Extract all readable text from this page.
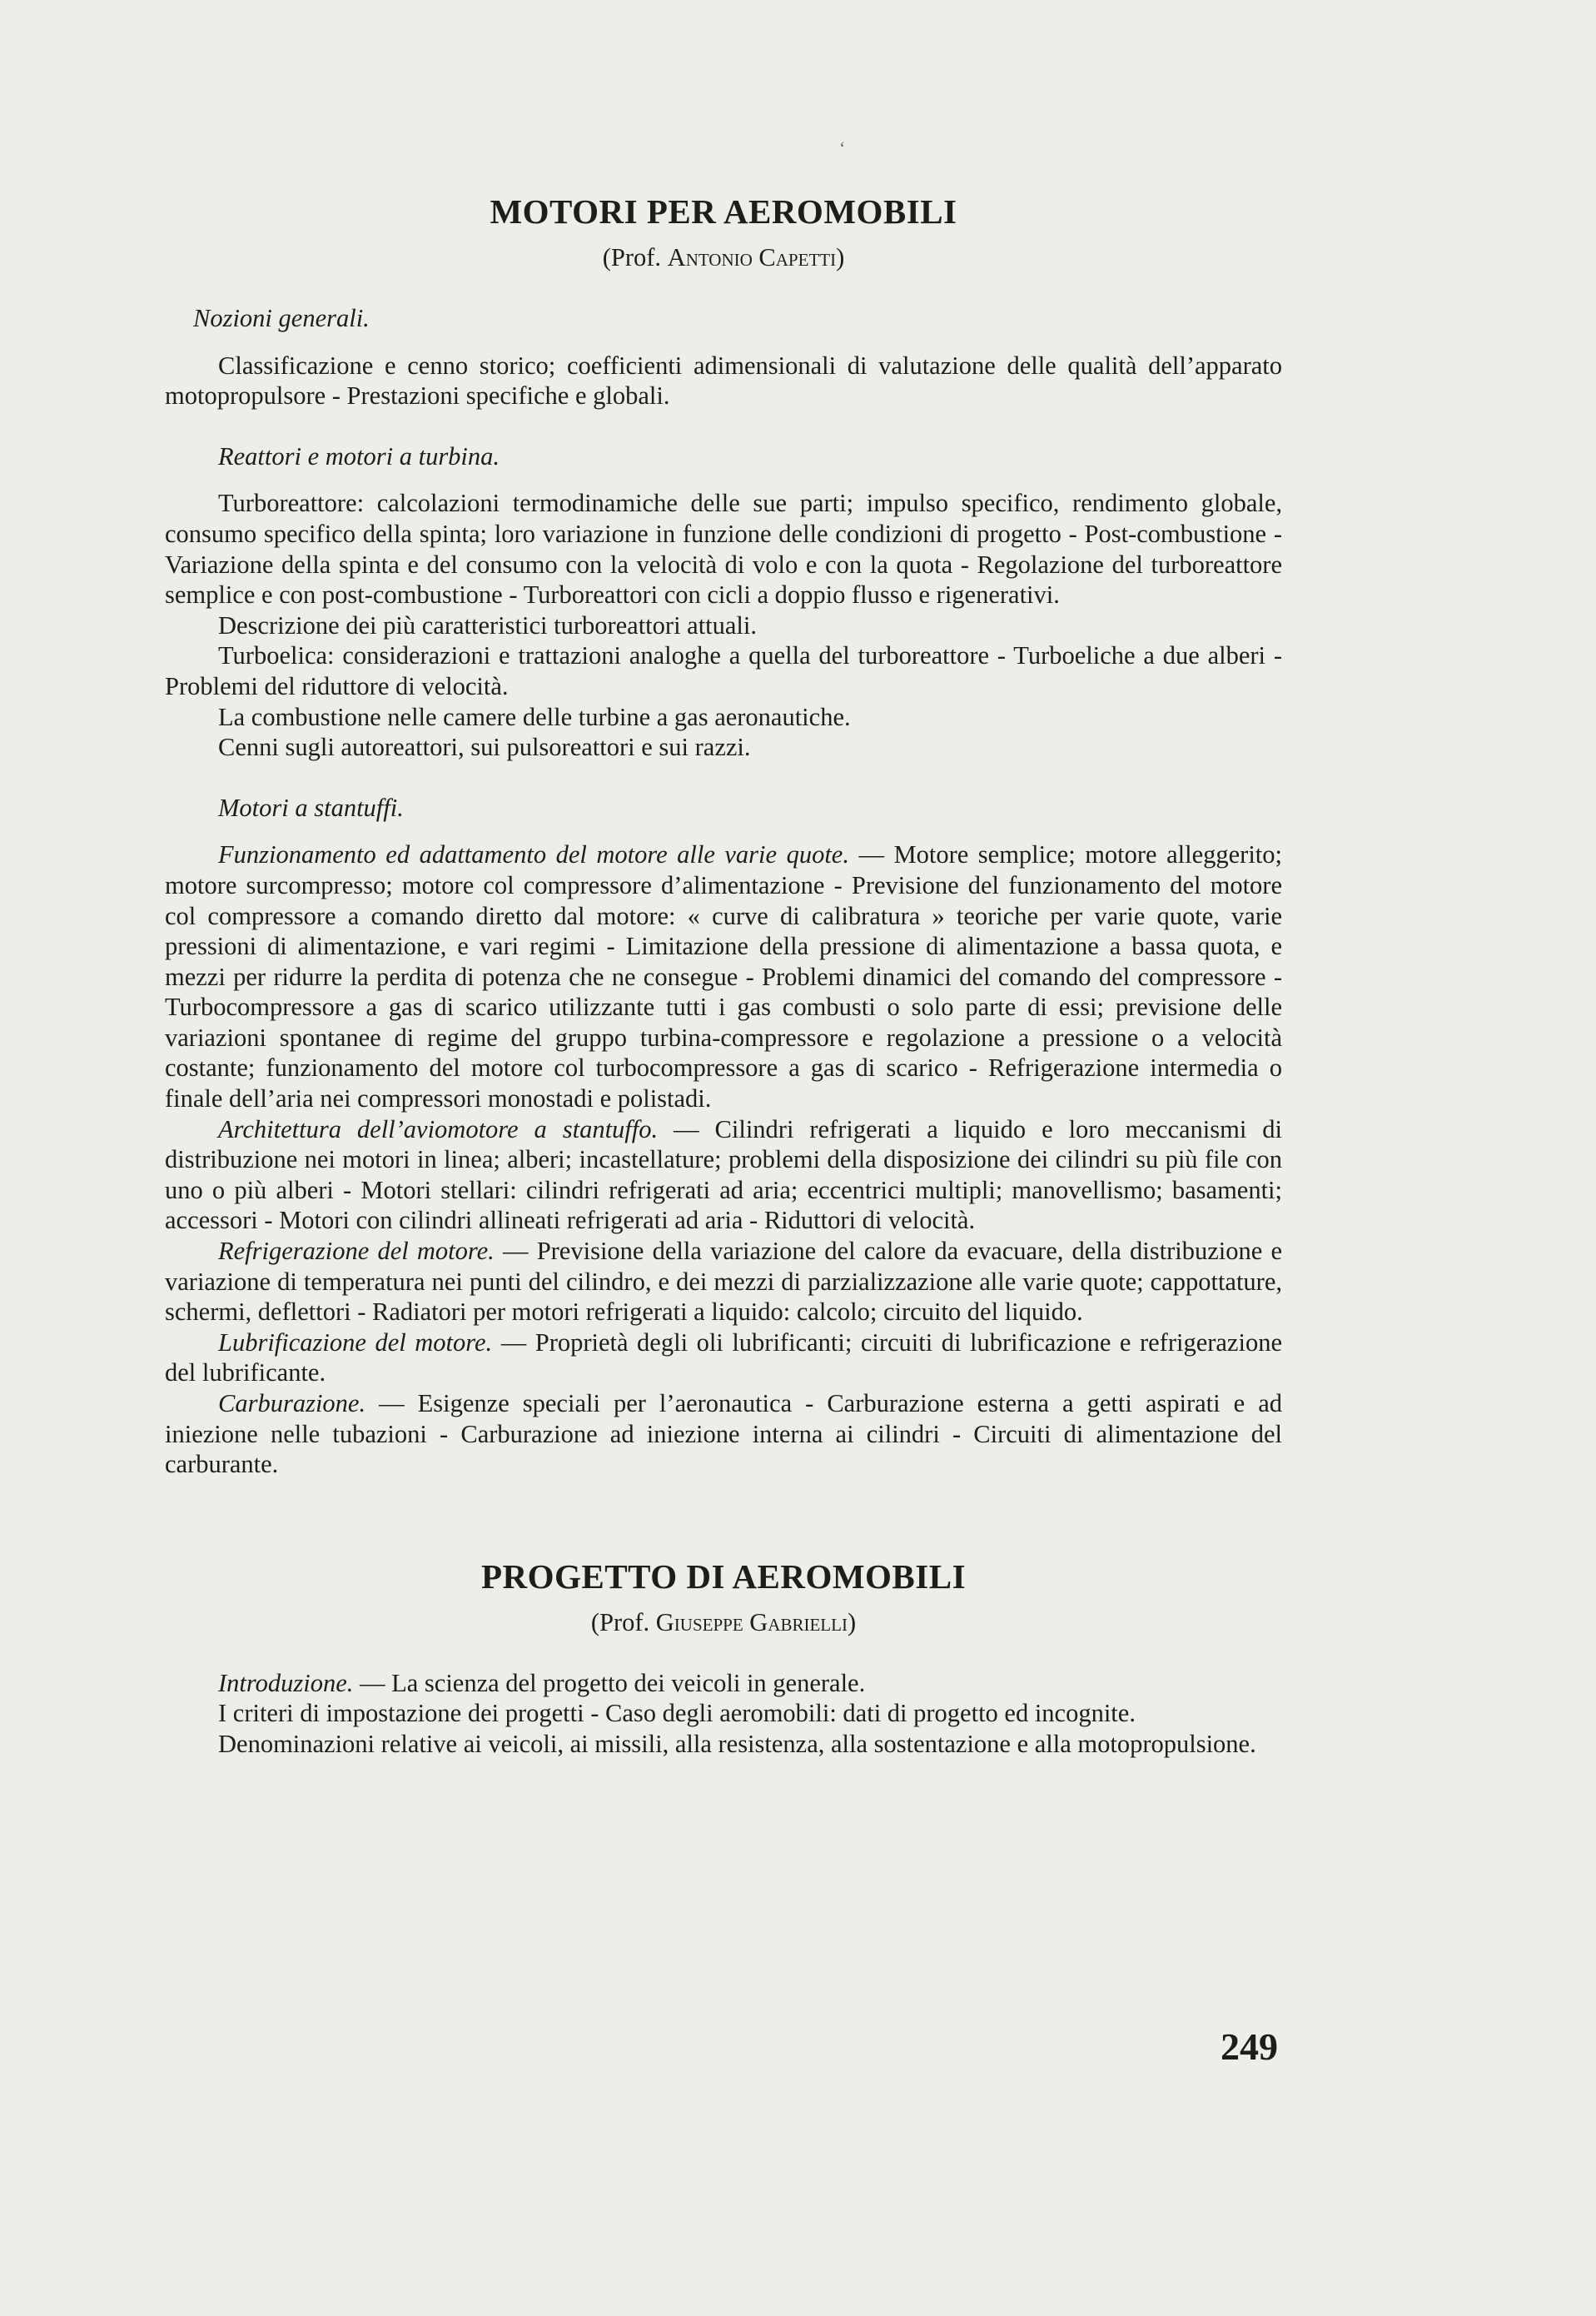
‘
MOTORI PER AEROMOBILI

(Prof. Antonio Capetti)

Nozioni generali.

Classificazione e cenno storico; coefficienti adimensionali di valutazione delle qualità dell’apparato motopropulsore - Prestazioni specifiche e globali.

Reattori e motori a turbina.

Turboreattore: calcolazioni termodinamiche delle sue parti; impulso specifico, rendimento globale, consumo specifico della spinta; loro variazione in funzione delle condizioni di progetto - Post-combustione - Variazione della spinta e del consumo con la velocità di volo e con la quota - Regolazione del turboreattore semplice e con post-combustione - Turboreattori con cicli a doppio flusso e rigenerativi.

Descrizione dei più caratteristici turboreattori attuali.

Turboelica: considerazioni e trattazioni analoghe a quella del turboreattore - Turboeliche a due alberi - Problemi del riduttore di velocità.

La combustione nelle camere delle turbine a gas aeronautiche.

Cenni sugli autoreattori, sui pulsoreattori e sui razzi.

Motori a stantuffi.

Funzionamento ed adattamento del motore alle varie quote. — Motore semplice; motore alleggerito; motore surcompresso; motore col compressore d’alimentazione - Previsione del funzionamento del motore col compressore a comando diretto dal motore: « curve di calibratura » teoriche per varie quote, varie pressioni di alimentazione, e vari regimi - Limitazione della pressione di alimentazione a bassa quota, e mezzi per ridurre la perdita di potenza che ne consegue - Problemi dinamici del comando del compressore - Turbocompressore a gas di scarico utilizzante tutti i gas combusti o solo parte di essi; previsione delle variazioni spontanee di regime del gruppo turbina-compressore e regolazione a pressione o a velocità costante; funzionamento del motore col turbocompressore a gas di scarico - Refrigerazione intermedia o finale dell’aria nei compressori monostadi e polistadi.

Architettura dell’aviomotore a stantuffo. — Cilindri refrigerati a liquido e loro meccanismi di distribuzione nei motori in linea; alberi; incastellature; problemi della disposizione dei cilindri su più file con uno o più alberi - Motori stellari: cilindri refrigerati ad aria; eccentrici multipli; manovellismo; basamenti; accessori - Motori con cilindri allineati refrigerati ad aria - Riduttori di velocità.

Refrigerazione del motore. — Previsione della variazione del calore da evacuare, della distribuzione e variazione di temperatura nei punti del cilindro, e dei mezzi di parzializzazione alle varie quote; cappottature, schermi, deflettori - Radiatori per motori refrigerati a liquido: calcolo; circuito del liquido.

Lubrificazione del motore. — Proprietà degli oli lubrificanti; circuiti di lubrificazione e refrigerazione del lubrificante.

Carburazione. — Esigenze speciali per l’aeronautica - Carburazione esterna a getti aspirati e ad iniezione nelle tubazioni - Carburazione ad iniezione interna ai cilindri - Circuiti di alimentazione del carburante.

PROGETTO DI AEROMOBILI

(Prof. Giuseppe Gabrielli)

Introduzione. — La scienza del progetto dei veicoli in generale.

I criteri di impostazione dei progetti - Caso degli aeromobili: dati di progetto ed incognite.

Denominazioni relative ai veicoli, ai missili, alla resistenza, alla sostentazione e alla motopropulsione.

249
